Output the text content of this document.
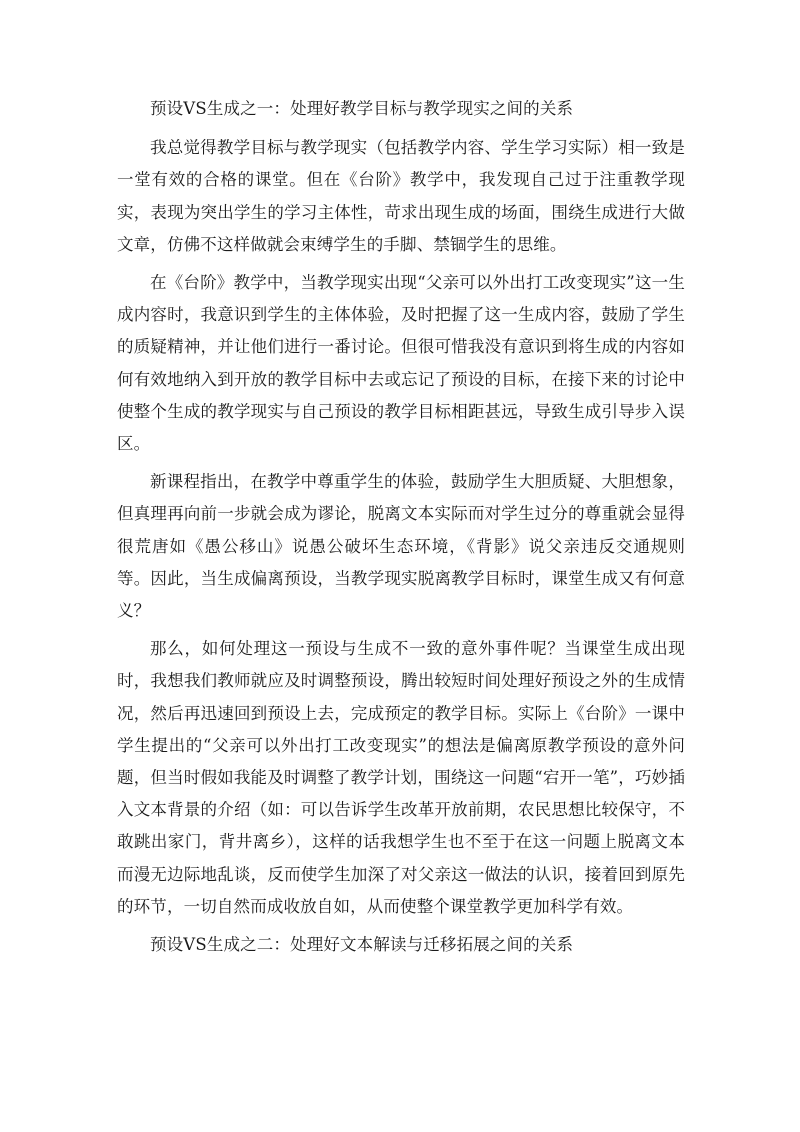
预设VS生成之一：处理好教学目标与教学现实之间的关系

我总觉得教学目标与教学现实（包括教学内容、学生学习实际）相一致是一堂有效的合格的课堂。但在《台阶》教学中，我发现自己过于注重教学现实，表现为突出学生的学习主体性，苛求出现生成的场面，围绕生成进行大做文章，仿佛不这样做就会束缚学生的手脚、禁锢学生的思维。

在《台阶》教学中，当教学现实出现“父亲可以外出打工改变现实”这一生成内容时，我意识到学生的主体体验，及时把握了这一生成内容，鼓励了学生的质疑精神，并让他们进行一番讨论。但很可惜我没有意识到将生成的内容如何有效地纳入到开放的教学目标中去或忘记了预设的目标，在接下来的讨论中使整个生成的教学现实与自己预设的教学目标相距甚远，导致生成引导步入误区。

新课程指出，在教学中尊重学生的体验，鼓励学生大胆质疑、大胆想象，但真理再向前一步就会成为谬论，脱离文本实际而对学生过分的尊重就会显得很荒唐如《愚公移山》说愚公破坏生态环境，《背影》说父亲违反交通规则等。因此，当生成偏离预设，当教学现实脱离教学目标时，课堂生成又有何意义？

那么，如何处理这一预设与生成不一致的意外事件呢？当课堂生成出现时，我想我们教师就应及时调整预设，腾出较短时间处理好预设之外的生成情况，然后再迅速回到预设上去，完成预定的教学目标。实际上《台阶》一课中学生提出的“父亲可以外出打工改变现实”的想法是偏离原教学预设的意外问题，但当时假如我能及时调整了教学计划，围绕这一问题“宕开一笔”，巧妙插入文本背景的介绍（如：可以告诉学生改革开放前期，农民思想比较保守，不敢跳出家门，背井离乡），这样的话我想学生也不至于在这一问题上脱离文本而漫无边际地乱谈，反而使学生加深了对父亲这一做法的认识，接着回到原先的环节，一切自然而成收放自如，从而使整个课堂教学更加科学有效。

预设VS生成之二：处理好文本解读与迁移拓展之间的关系
